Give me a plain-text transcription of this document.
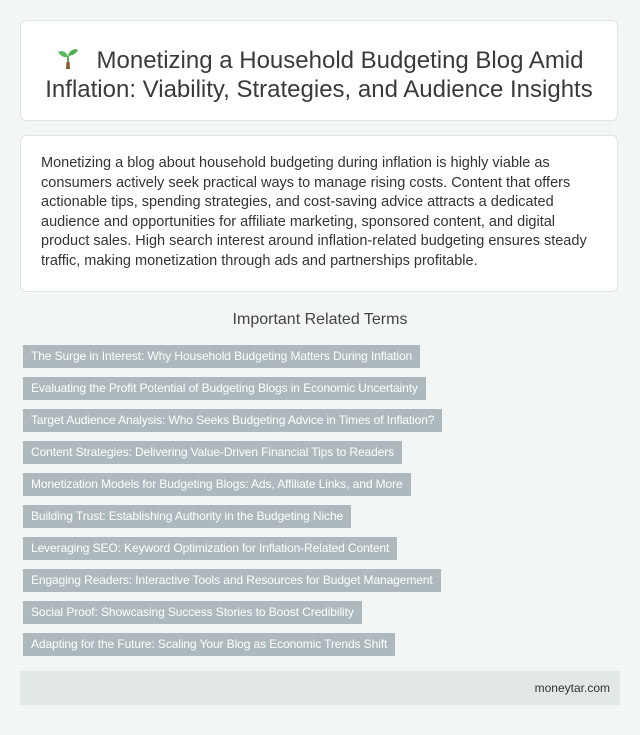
Monetizing a Household Budgeting Blog Amid Inflation: Viability, Strategies, and Audience Insights

Monetizing a blog about household budgeting during inflation is highly viable as consumers actively seek practical ways to manage rising costs. Content that offers actionable tips, spending strategies, and cost-saving advice attracts a dedicated audience and opportunities for affiliate marketing, sponsored content, and digital product sales. High search interest around inflation-related budgeting ensures steady traffic, making monetization through ads and partnerships profitable.

Important Related Terms
The Surge in Interest: Why Household Budgeting Matters During Inflation
Evaluating the Profit Potential of Budgeting Blogs in Economic Uncertainty
Target Audience Analysis: Who Seeks Budgeting Advice in Times of Inflation?
Content Strategies: Delivering Value-Driven Financial Tips to Readers
Monetization Models for Budgeting Blogs: Ads, Affiliate Links, and More
Building Trust: Establishing Authority in the Budgeting Niche
Leveraging SEO: Keyword Optimization for Inflation-Related Content
Engaging Readers: Interactive Tools and Resources for Budget Management
Social Proof: Showcasing Success Stories to Boost Credibility
Adapting for the Future: Scaling Your Blog as Economic Trends Shift
moneytar.com
